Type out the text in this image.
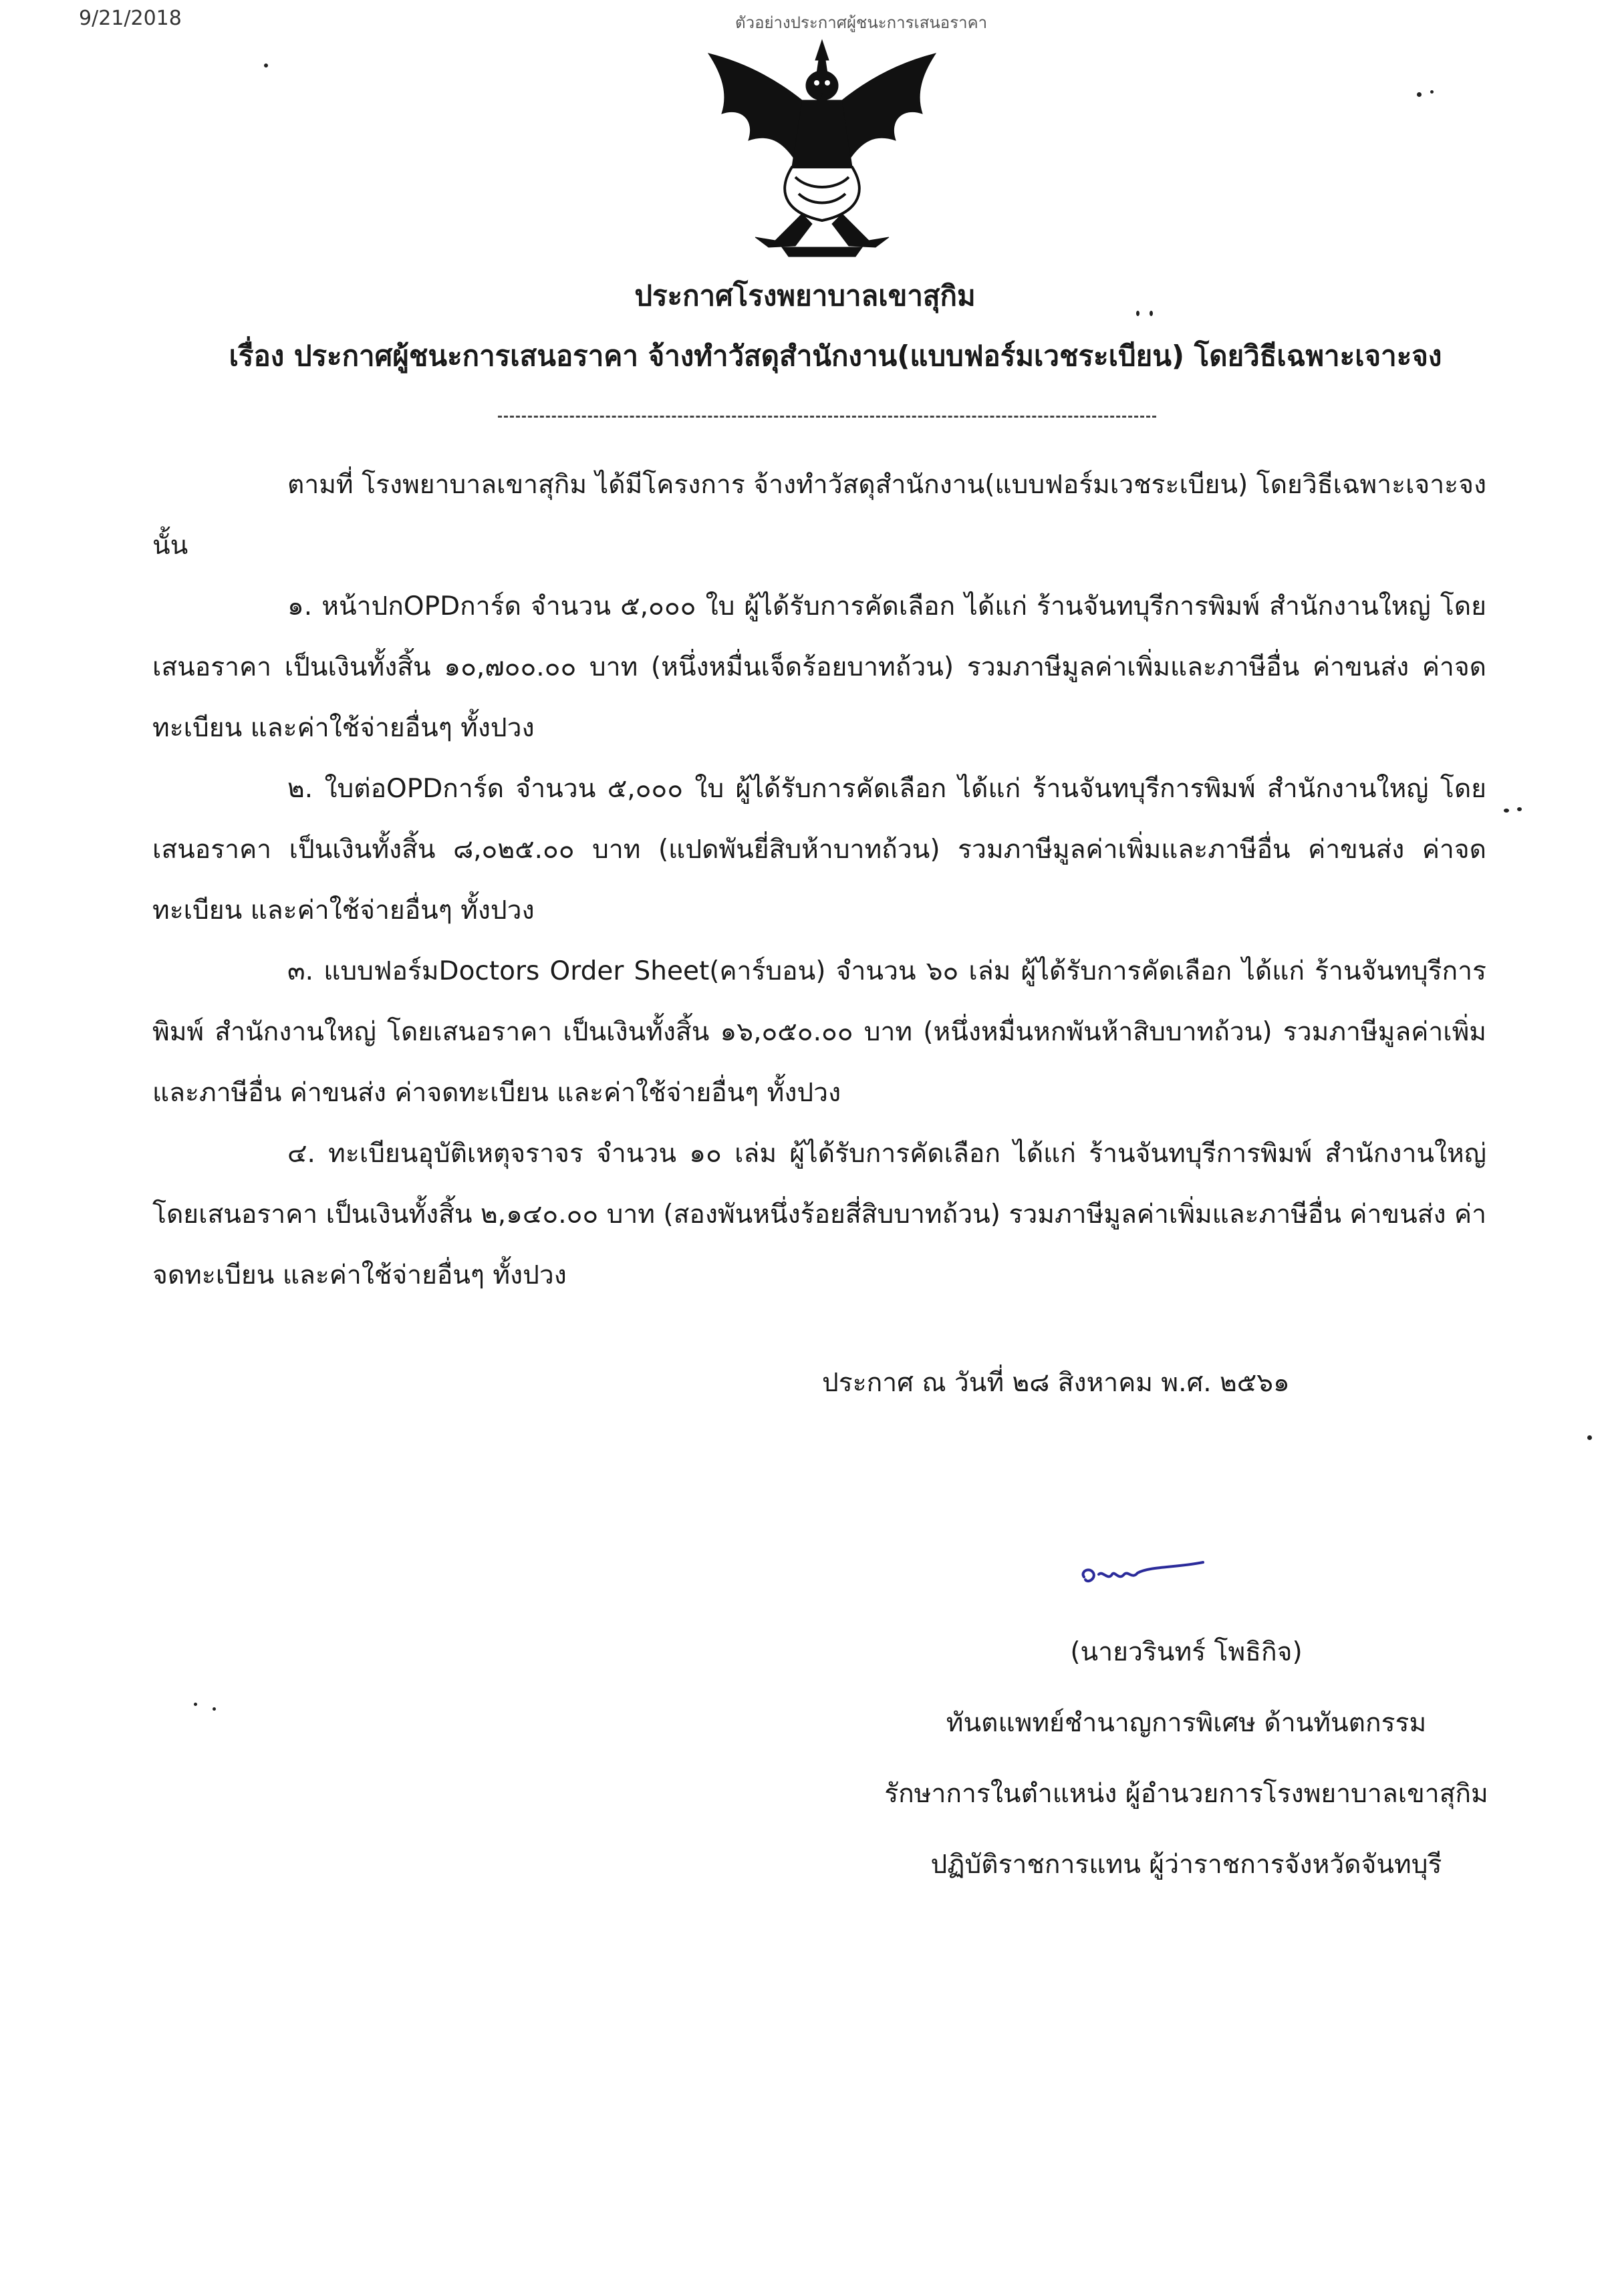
9/21/2018	ตัวอย่างประกาศผู้ชนะการเสนอราคา
ประกาศโรงพยาบาลเขาสุกิม
เรื่อง ประกาศผู้ชนะการเสนอราคา จ้างทำวัสดุสำนักงาน(แบบฟอร์มเวชระเบียน) โดยวิธีเฉพาะเจาะจง

ตามที่ โรงพยาบาลเขาสุกิม ได้มีโครงการ จ้างทำวัสดุสำนักงาน(แบบฟอร์มเวชระเบียน) โดยวิธีเฉพาะเจาะจง นั้น

๑. หน้าปกOPDการ์ด จำนวน ๕,๐๐๐ ใบ ผู้ได้รับการคัดเลือก ได้แก่ ร้านจันทบุรีการพิมพ์ สำนักงานใหญ่ โดยเสนอราคา เป็นเงินทั้งสิ้น ๑๐,๗๐๐.๐๐ บาท (หนึ่งหมื่นเจ็ดร้อยบาทถ้วน) รวมภาษีมูลค่าเพิ่มและภาษีอื่น ค่าขนส่ง ค่าจดทะเบียน และค่าใช้จ่ายอื่นๆ ทั้งปวง

๒. ใบต่อOPDการ์ด จำนวน ๕,๐๐๐ ใบ ผู้ได้รับการคัดเลือก ได้แก่ ร้านจันทบุรีการพิมพ์ สำนักงานใหญ่ โดยเสนอราคา เป็นเงินทั้งสิ้น ๘,๐๒๕.๐๐ บาท (แปดพันยี่สิบห้าบาทถ้วน) รวมภาษีมูลค่าเพิ่มและภาษีอื่น ค่าขนส่ง ค่าจดทะเบียน และค่าใช้จ่ายอื่นๆ ทั้งปวง

๓. แบบฟอร์มDoctors Order Sheet(คาร์บอน) จำนวน ๖๐ เล่ม ผู้ได้รับการคัดเลือก ได้แก่ ร้านจันทบุรีการพิมพ์ สำนักงานใหญ่ โดยเสนอราคา เป็นเงินทั้งสิ้น ๑๖,๐๕๐.๐๐ บาท (หนึ่งหมื่นหกพันห้าสิบบาทถ้วน) รวมภาษีมูลค่าเพิ่มและภาษีอื่น ค่าขนส่ง ค่าจดทะเบียน และค่าใช้จ่ายอื่นๆ ทั้งปวง

๔. ทะเบียนอุบัติเหตุจราจร จำนวน ๑๐ เล่ม ผู้ได้รับการคัดเลือก ได้แก่ ร้านจันทบุรีการพิมพ์ สำนักงานใหญ่ โดยเสนอราคา เป็นเงินทั้งสิ้น ๒,๑๔๐.๐๐ บาท (สองพันหนึ่งร้อยสี่สิบบาทถ้วน) รวมภาษีมูลค่าเพิ่มและภาษีอื่น ค่าขนส่ง ค่าจดทะเบียน และค่าใช้จ่ายอื่นๆ ทั้งปวง

ประกาศ ณ วันที่ ๒๘ สิงหาคม พ.ศ. ๒๕๖๑
(นายวรินทร์ โพธิกิจ)
ทันตแพทย์ชำนาญการพิเศษ ด้านทันตกรรม
รักษาการในตำแหน่ง ผู้อำนวยการโรงพยาบาลเขาสุกิม
ปฏิบัติราชการแทน ผู้ว่าราชการจังหวัดจันทบุรี
